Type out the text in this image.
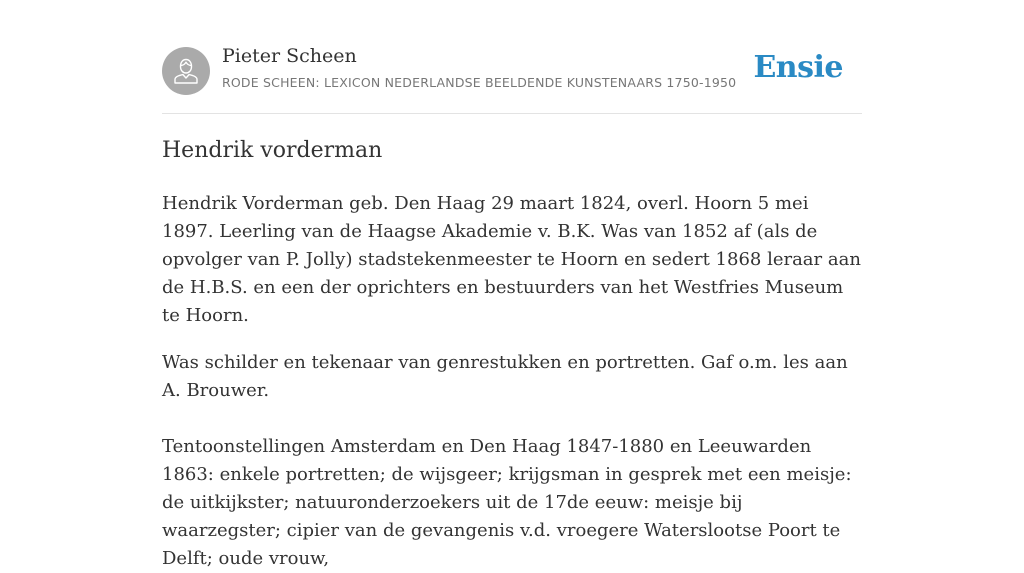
Pieter Scheen
RODE SCHEEN: LEXICON NEDERLANDSE BEELDENDE KUNSTENAARS 1750-1950 Ensie
Hendrik vorderman

Hendrik Vorderman geb. Den Haag 29 maart 1824, overl. Hoorn 5 mei 1897. Leerling van de Haagse Akademie v. B.K. Was van 1852 af (als de opvolger van P. Jolly) stadstekenmeester te Hoorn en sedert 1868 leraar aan de H.B.S. en een der oprichters en bestuurders van het Westfries Museum te Hoorn.

Was schilder en tekenaar van genrestukken en portretten. Gaf o.m. les aan A. Brouwer.

Tentoonstellingen Amsterdam en Den Haag 1847-1880 en Leeuwarden 1863: enkele portretten; de wijsgeer; krijgsman in gesprek met een meisje: de uitkijkster; natuuronderzoekers uit de 17de eeuw: meisje bij waarzegster; cipier van de gevangenis v.d. vroegere Waterslootse Poort te Delft; oude vrouw,
